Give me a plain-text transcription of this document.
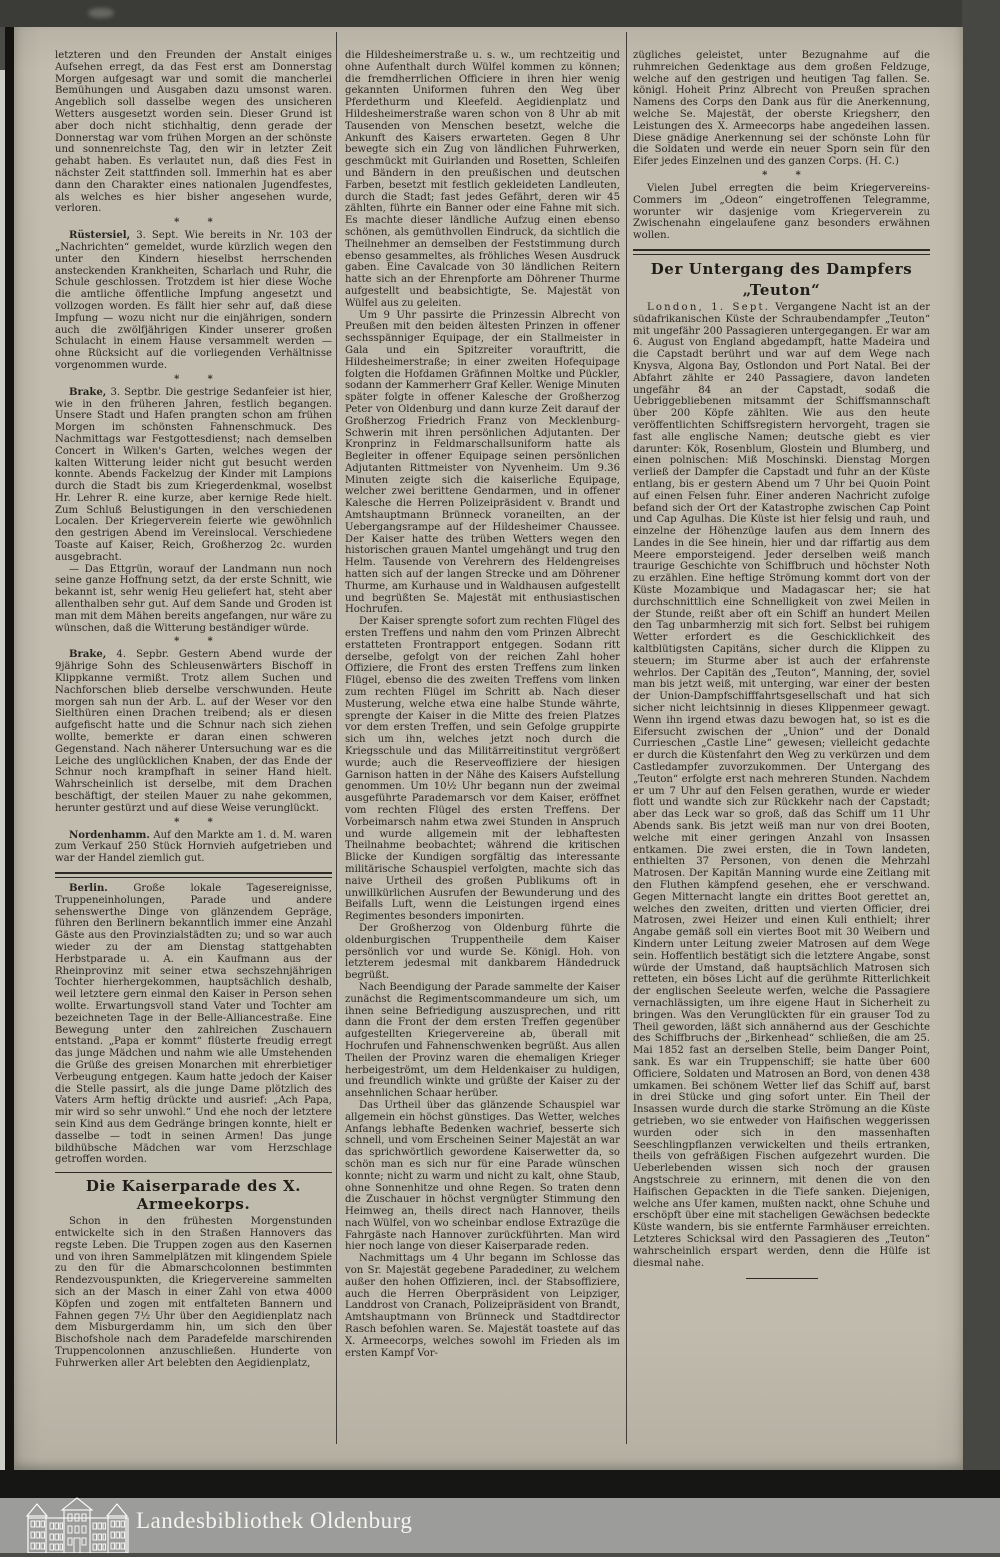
letzteren und den Freunden der Anstalt einiges Aufsehen erregt, da das Fest erst am Donnerstag Morgen aufgesagt war und somit die mancherlei Bemühungen und Ausgaben dazu umsonst waren. Angeblich soll dasselbe wegen des unsicheren Wetters ausgesetzt worden sein. Dieser Grund ist aber doch nicht stichhaltig, denn gerade der Donnerstag war vom frühen Morgen an der schönste und sonnenreichste Tag, den wir in letzter Zeit gehabt haben. Es verlautet nun, daß dies Fest in nächster Zeit stattfinden soll. Immerhin hat es aber dann den Charakter eines nationalen Jugendfestes, als welches es hier bisher angesehen wurde, verloren.

*        *

Rüstersiel, 3. Sept. Wie bereits in Nr. 103 der „Nachrichten“ gemeldet, wurde kürzlich wegen den unter den Kindern hieselbst herrschenden ansteckenden Krankheiten, Scharlach und Ruhr, die Schule geschlossen. Trotzdem ist hier diese Woche die amtliche öffentliche Impfung angesetzt und vollzogen worden. Es fällt hier sehr auf, daß diese Impfung — wozu nicht nur die einjährigen, sondern auch die zwölfjährigen Kinder unserer großen Schulacht in einem Hause versammelt werden — ohne Rücksicht auf die vorliegenden Verhältnisse vorgenommen wurde.

*        *

Brake, 3. Septbr. Die gestrige Sedanfeier ist hier, wie in den früheren Jahren, festlich begangen. Unsere Stadt und Hafen prangten schon am frühen Morgen im schönsten Fahnenschmuck. Des Nachmittags war Festgottesdienst; nach demselben Concert in Wilken's Garten, welches wegen der kalten Witterung leider nicht gut besucht werden konnte. Abends Fackelzug der Kinder mit Lampions durch die Stadt bis zum Kriegerdenkmal, woselbst Hr. Lehrer R. eine kurze, aber kernige Rede hielt. Zum Schluß Belustigungen in den verschiedenen Localen. Der Kriegerverein feierte wie gewöhnlich den gestrigen Abend im Vereinslocal. Verschiedene Toaste auf Kaiser, Reich, Großherzog 2c. wurden ausgebracht.

— Das Ettgrün, worauf der Landmann nun noch seine ganze Hoffnung setzt, da der erste Schnitt, wie bekannt ist, sehr wenig Heu geliefert hat, steht aber allenthalben sehr gut. Auf dem Sande und Groden ist man mit dem Mähen bereits angefangen, nur wäre zu wünschen, daß die Witterung beständiger würde.

*        *

Brake, 4. Sepbr. Gestern Abend wurde der 9jährige Sohn des Schleusenwärters Bischoff in Klippkanne vermißt. Trotz allem Suchen und Nachforschen blieb derselbe verschwunden. Heute morgen sah nun der Arb. L. auf der Weser vor den Sielthüren einen Drachen treibend; als er diesen aufgefischt hatte und die Schnur nach sich ziehen wollte, bemerkte er daran einen schweren Gegenstand. Nach näherer Untersuchung war es die Leiche des unglücklichen Knaben, der das Ende der Schnur noch krampfhaft in seiner Hand hielt. Wahrscheinlich ist derselbe, mit dem Drachen beschäftigt, der steilen Mauer zu nahe gekommen, herunter gestürzt und auf diese Weise verunglückt.

*        *

Nordenhamm. Auf den Markte am 1. d. M. waren zum Verkauf 250 Stück Hornvieh aufgetrieben und war der Handel ziemlich gut.

Berlin.	Große lokale Tagesereignisse, Truppeneinholungen, Parade und andere sehenswerthe Dinge von glänzendem Gepräge, führen den Berlinern bekanntlich immer eine Anzahl Gäste aus den Provinzialstädten zu; und so war auch wieder zu der am Dienstag stattgehabten Herbstparade u. A. ein Kaufmann aus der Rheinprovinz mit seiner etwa sechszehnjährigen Tochter hierhergekommen, hauptsächlich deshalb, weil letztere gern einmal den Kaiser in Person sehen wollte. Erwartungsvoll stand Vater und Tochter am bezeichneten Tage in der Belle-Alliancestraße. Eine Bewegung unter den zahlreichen Zuschauern entstand. „Papa er kommt“ flüsterte freudig erregt das junge Mädchen und nahm wie alle Umstehenden die Grüße des greisen Monarchen mit ehrerbietiger Verbeugung entgegen. Kaum hatte jedoch der Kaiser die Stelle passirt, als die junge Dame plötzlich des Vaters Arm heftig drückte und ausrief: „Ach Papa, mir wird so sehr unwohl.“ Und ehe noch der letztere sein Kind aus dem Gedränge bringen konnte, hielt er dasselbe — todt in seinen Armen! Das junge bildhübsche Mädchen war vom Herzschlage getroffen worden.

Die Kaiserparade des X. Armeekorps.

Schon in den frühesten Morgenstunden entwickelte sich in den Straßen Hannovers das regste Leben. Die Truppen zogen aus den Kasernen und von ihren Sammelplätzen mit klingendem Spiele zu den für die Abmarschcolonnen bestimmten Rendezvouspunkten, die Kriegervereine sammelten sich an der Masch in einer Zahl von etwa 4000 Köpfen und zogen mit entfalteten Bannern und Fahnen gegen 7½ Uhr über den Aegidienplatz nach dem Misburgerdamm hin, um sich den über Bischofshole nach dem Paradefelde marschirenden Truppencolonnen anzuschließen. Hunderte von Fuhrwerken aller Art belebten den Aegidienplatz,

die Hildesheimerstraße u. s. w., um rechtzeitig und ohne Aufenthalt durch Wülfel kommen zu können; die fremdherrlichen Officiere in ihren hier wenig gekannten Uniformen fuhren den Weg über Pferdethurm und Kleefeld. Aegidienplatz und Hildesheimerstraße waren schon von 8 Uhr ab mit Tausenden von Menschen besetzt, welche die Ankunft des Kaisers erwarteten. Gegen 8 Uhr bewegte sich ein Zug von ländlichen Fuhrwerken, geschmückt mit Guirlanden und Rosetten, Schleifen und Bändern in den preußischen und deutschen Farben, besetzt mit festlich gekleideten Landleuten, durch die Stadt; fast jedes Gefährt, deren wir 45 zählten, führte ein Banner oder eine Fahne mit sich. Es machte dieser ländliche Aufzug einen ebenso schönen, als gemüthvollen Eindruck, da sichtlich die Theilnehmer an demselben der Feststimmung durch ebenso gesammeltes, als fröhliches Wesen Ausdruck gaben. Eine Cavalcade von 30 ländlichen Reitern hatte sich an der Ehrenpforte am Döhrener Thurme aufgestellt und beabsichtigte, Se. Majestät von Wülfel aus zu geleiten.

Um 9 Uhr passirte die Prinzessin Albrecht von Preußen mit den beiden ältesten Prinzen in offener sechsspänniger Equipage, der ein Stallmeister in Gala und ein Spitzreiter vorauftritt, die Hildesheimerstraße; in einer zweiten Hofequipage folgten die Hofdamen Gräfinnen Moltke und Pückler, sodann der Kammerherr Graf Keller. Wenige Minuten später folgte in offener Kalesche der Großherzog Peter von Oldenburg und dann kurze Zeit darauf der Großherzog Friedrich Franz von Mecklenburg-Schwerin mit ihren persönlichen Adjutanten. Der Kronprinz in Feldmarschallsuniform hatte als Begleiter in offener Equipage seinen persönlichen Adjutanten Rittmeister von Nyvenheim. Um 9.36 Minuten zeigte sich die kaiserliche Equipage, welcher zwei berittene Gendarmen, und in offener Kalesche die Herren Polizeipräsident v. Brandt und Amtshauptmann Brünneck voraneilten, an der Uebergangsrampe auf der Hildesheimer Chaussee. Der Kaiser hatte des trüben Wetters wegen den historischen grauen Mantel umgehängt und trug den Helm. Tausende von Verehrern des Heldengreises hatten sich auf der langen Strecke und am Döhrener Thurme, am Kurhause und in Waldhausen aufgestellt und begrüßten Se. Majestät mit enthusiastischen Hochrufen.

Der Kaiser sprengte sofort zum rechten Flügel des ersten Treffens und nahm den vom Prinzen Albrecht erstatteten Frontrapport entgegen. Sodann ritt derselbe, gefolgt von der reichen Zahl hoher Offiziere, die Front des ersten Treffens zum linken Flügel, ebenso die des zweiten Treffens vom linken zum rechten Flügel im Schritt ab. Nach dieser Musterung, welche etwa eine halbe Stunde währte, sprengte der Kaiser in die Mitte des freien Platzes vor dem ersten Treffen, und sein Gefolge gruppirte sich um ihn, welches jetzt noch durch die Kriegsschule und das Militärreitinstitut vergrößert wurde; auch die Reserveoffiziere der hiesigen Garnison hatten in der Nähe des Kaisers Aufstellung genommen. Um 10½ Uhr begann nun der zweimal ausgeführte Parademarsch vor dem Kaiser, eröffnet vom rechten Flügel des ersten Treffens. Der Vorbeimarsch nahm etwa zwei Stunden in Anspruch und wurde allgemein mit der lebhaftesten Theilnahme beobachtet; während die kritischen Blicke der Kundigen sorgfältig das interessante militärische Schauspiel verfolgten, machte sich das naive Urtheil des großen Publikums oft in unwillkürlichen Ausrufen der Bewunderung und des Beifalls Luft, wenn die Leistungen irgend eines Regimentes besonders imponirten.

Der Großherzog von Oldenburg führte die oldenburgischen Truppentheile dem Kaiser persönlich vor und wurde Se. Königl. Hoh. von letzterem jedesmal mit dankbarem Händedruck begrüßt.

Nach Beendigung der Parade sammelte der Kaiser zunächst die Regimentscommandeure um sich, um ihnen seine Befriedigung auszusprechen, und ritt dann die Front der dem ersten Treffen gegenüber aufgestellten Kriegervereine ab, überall mit Hochrufen und Fahnenschwenken begrüßt. Aus allen Theilen der Provinz waren die ehemaligen Krieger herbeigeströmt, um dem Heldenkaiser zu huldigen, und freundlich winkte und grüßte der Kaiser zu der ansehnlichen Schaar herüber.

Das Urtheil über das glänzende Schauspiel war allgemein ein höchst günstiges. Das Wetter, welches Anfangs lebhafte Bedenken wachrief, besserte sich schnell, und vom Erscheinen Seiner Majestät an war das sprichwörtlich gewordene Kaiserwetter da, so schön man es sich nur für eine Parade wünschen konnte; nicht zu warm und nicht zu kalt, ohne Staub, ohne Sonnenhitze und ohne Regen. So traten denn die Zuschauer in höchst vergnügter Stimmung den Heimweg an, theils direct nach Hannover, theils nach Wülfel, von wo scheinbar endlose Extrazüge die Fahrgäste nach Hannover zurückführten. Man wird hier noch lange von dieser Kaiserparade reden.

Nachmittags um 4 Uhr begann im Schlosse das von Sr. Majestät gegebene Paradediner, zu welchem außer den hohen Offizieren, incl. der Stabsoffiziere, auch die Herren Oberpräsident von Leipziger, Landdrost von Cranach, Polizeipräsident von Brandt, Amtshauptmann von Brünneck und Stadtdirector Rasch befohlen waren. Se. Majestät toastete auf das X. Armeecorps, welches sowohl im Frieden als im ersten Kampf Vor-

zügliches geleistet, unter Bezugnahme auf die ruhmreichen Gedenktage aus dem großen Feldzuge, welche auf den gestrigen und heutigen Tag fallen. Se. königl. Hoheit Prinz Albrecht von Preußen sprachen Namens des Corps den Dank aus für die Anerkennung, welche Se. Majestät, der oberste Kriegsherr, den Leistungen des X. Armeecorps habe angedeihen lassen. Diese gnädige Anerkennung sei der schönste Lohn für die Soldaten und werde ein neuer Sporn sein für den Eifer jedes Einzelnen und des ganzen Corps. (H. C.)

*        *

Vielen Jubel erregten die beim Kriegervereins-Commers im „Odeon“ eingetroffenen Telegramme, worunter wir dasjenige vom Kriegerverein zu Zwischenahn eingelaufene ganz besonders erwähnen wollen.

Der Untergang des Dampfers
„Teuton“

London, 1. Sept. Vergangene Nacht ist an der südafrikanischen Küste der Schraubendampfer „Teuton“ mit ungefähr 200 Passagieren untergegangen. Er war am 6. August von England abgedampft, hatte Madeira und die Capstadt berührt und war auf dem Wege nach Knysva, Algona Bay, Ostlondon und Port Natal. Bei der Abfahrt zählte er 240 Passagiere, davon landeten ungefähr 84 an der Capstadt, sodaß die Uebriggebliebenen mitsammt der Schiffsmannschaft über 200 Köpfe zählten. Wie aus den heute veröffentlichten Schiffsregistern hervorgeht, tragen sie fast alle englische Namen; deutsche giebt es vier darunter: Kök, Rosenblum, Glostein und Blumberg, und einen polnischen: Miß Moschinski. Dienstag Morgen verließ der Dampfer die Capstadt und fuhr an der Küste entlang, bis er gestern Abend um 7 Uhr bei Quoin Point auf einen Felsen fuhr. Einer anderen Nachricht zufolge befand sich der Ort der Katastrophe zwischen Cap Point und Cap Agulhas. Die Küste ist hier felsig und rauh, und einzelne der Höhenzüge laufen aus dem Innern des Landes in die See hinein, hier und dar riffartig aus dem Meere emporsteigend. Jeder derselben weiß manch traurige Geschichte von Schiffbruch und höchster Noth zu erzählen. Eine heftige Strömung kommt dort von der Küste Mozambique und Madagascar her; sie hat durchschnittlich eine Schnelligkeit von zwei Meilen in der Stunde, reißt aber oft ein Schiff an hundert Meilen den Tag unbarmherzig mit sich fort. Selbst bei ruhigem Wetter erfordert es die Geschicklichkeit des kaltblütigsten Capitäns, sicher durch die Klippen zu steuern; im Sturme aber ist auch der erfahrenste wehrlos. Der Capitän des „Teuton“, Manning, der, soviel man bis jetzt weiß, mit unterging, war einer der besten der Union-Dampfschifffahrtsgesellschaft und hat sich sicher nicht leichtsinnig in dieses Klippenmeer gewagt. Wenn ihn irgend etwas dazu bewogen hat, so ist es die Eifersucht zwischen der „Union“ und der Donald Currieschen „Castle Line“ gewesen; vielleicht gedachte er durch die Küstenfahrt den Weg zu verkürzen und dem Castledampfer zuvorzukommen. Der Untergang des „Teuton“ erfolgte erst nach mehreren Stunden. Nachdem er um 7 Uhr auf den Felsen gerathen, wurde er wieder flott und wandte sich zur Rückkehr nach der Capstadt; aber das Leck war so groß, daß das Schiff um 11 Uhr Abends sank. Bis jetzt weiß man nur von drei Booten, welche mit einer geringen Anzahl von Insassen entkamen. Die zwei ersten, die in Town landeten, enthielten 37 Personen, von denen die Mehrzahl Matrosen. Der Kapitän Manning wurde eine Zeitlang mit den Fluthen kämpfend gesehen, ehe er verschwand. Gegen Mitternacht langte ein drittes Boot gerettet an, welches den zweiten, dritten und vierten Officier, drei Matrosen, zwei Heizer und einen Kuli enthielt; ihrer Angabe gemäß soll ein viertes Boot mit 30 Weibern und Kindern unter Leitung zweier Matrosen auf dem Wege sein. Hoffentlich bestätigt sich die letztere Angabe, sonst würde der Umstand, daß hauptsächlich Matrosen sich retteten, ein böses Licht auf die gerühmte Ritterlichkeit der englischen Seeleute werfen, welche die Passagiere vernachlässigten, um ihre eigene Haut in Sicherheit zu bringen. Was den Verunglückten für ein grauser Tod zu Theil geworden, läßt sich annähernd aus der Geschichte des Schiffbruchs der „Birkenhead“ schließen, die am 25. Mai 1852 fast an derselben Stelle, beim Danger Point, sank. Es war ein Truppenschiff; sie hatte über 600 Officiere, Soldaten und Matrosen an Bord, von denen 438 umkamen. Bei schönem Wetter lief das Schiff auf, barst in drei Stücke und ging sofort unter. Ein Theil der Insassen wurde durch die starke Strömung an die Küste getrieben, wo sie entweder von Haifischen weggerissen wurden oder sich in den massenhaften Seeschlingpflanzen verwickelten und theils ertranken, theils von gefräßigen Fischen aufgezehrt wurden. Die Ueberlebenden wissen sich noch der grausen Angstschreie zu erinnern, mit denen die von den Haifischen Gepackten in die Tiefe sanken. Diejenigen, welche ans Ufer kamen, mußten nackt, ohne Schuhe und erschöpft über eine mit stacheligen Gewächsen bedeckte Küste wandern, bis sie entfernte Farmhäuser erreichten. Letzteres Schicksal wird den Passagieren des „Teuton“ wahrscheinlich erspart werden, denn die Hülfe ist diesmal nahe.

Landesbibliothek Oldenburg
